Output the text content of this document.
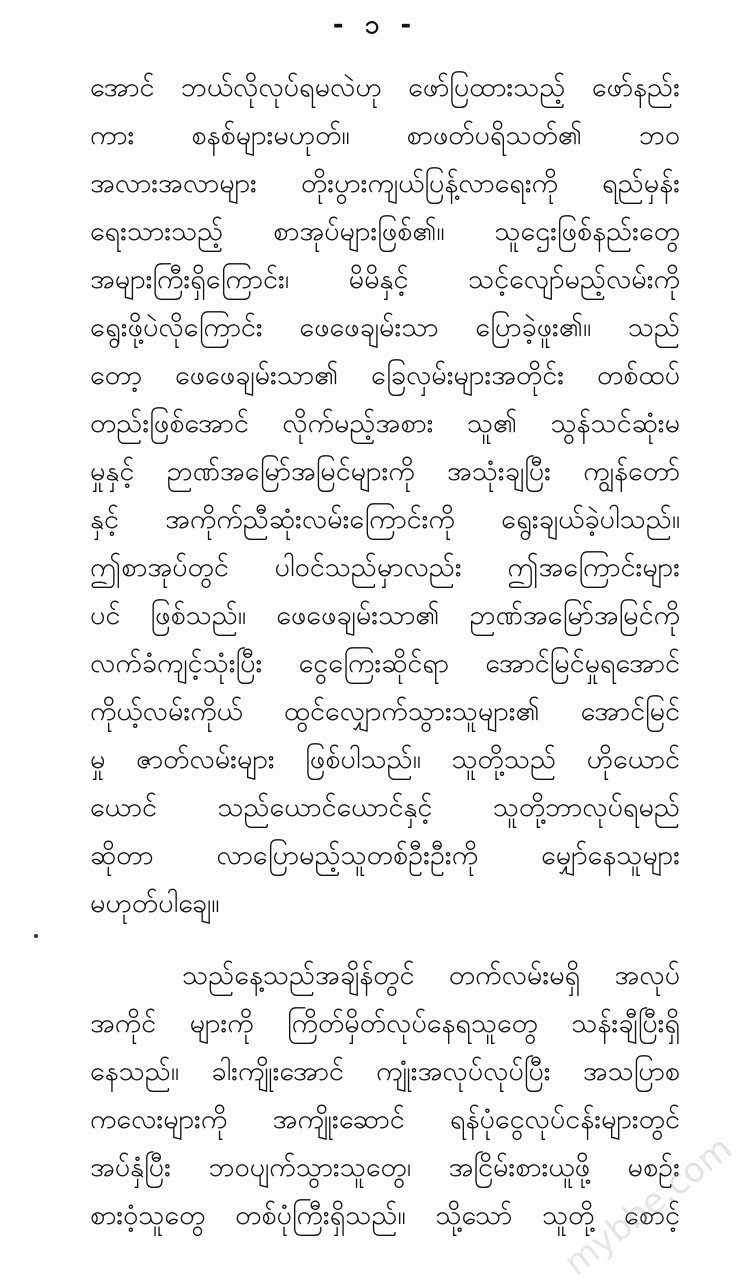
- ၁ -
အောင် ဘယ်လိုလုပ်ရမလဲဟု ဖော်ပြထားသည့် ဖော်နည်း
ကား စနစ်များမဟုတ်။ စာဖတ်ပရိသတ်၏ ဘဝ
အလားအလာများ တိုးပွားကျယ်ပြန့်လာရေးကို ရည်မှန်း
ရေးသားသည့် စာအုပ်များဖြစ်၏။ သူဌေးဖြစ်နည်းတွေ
အများကြီးရှိကြောင်း၊ မိမိနှင့် သင့်လျော်မည့်လမ်းကို
ရွေးဖို့ပဲလိုကြောင်း ဖေဖေချမ်းသာ ပြောခဲ့ဖူး၏။ သည်
တော့ ဖေဖေချမ်းသာ၏ ခြေလှမ်းများအတိုင်း တစ်ထပ်
တည်းဖြစ်အောင် လိုက်မည့်အစား သူ၏ သွန်သင်ဆုံးမ
မှုနှင့် ဉာဏ်အမြော်အမြင်များကို အသုံးချပြီး ကျွန်တော်
နှင့် အကိုက်ညီဆုံးလမ်းကြောင်းကို ရွေးချယ်ခဲ့ပါသည်။
ဤစာအုပ်တွင် ပါဝင်သည်မှာလည်း ဤအကြောင်းများ
ပင် ဖြစ်သည်။ ဖေဖေချမ်းသာ၏ ဉာဏ်အမြော်အမြင်ကို
လက်ခံကျင့်သုံးပြီး ငွေကြေးဆိုင်ရာ အောင်မြင်မှုရအောင်
ကိုယ့်လမ်းကိုယ် ထွင်လျှောက်သွားသူများ၏ အောင်မြင်
မှု ဇာတ်လမ်းများ ဖြစ်ပါသည်။ သူတို့သည် ဟိုယောင်
ယောင် သည်ယောင်ယောင်နှင့် သူတို့ဘာလုပ်ရမည်
ဆိုတာ လာပြောမည့်သူတစ်ဦးဦးကို မျှော်နေသူများ
မဟုတ်ပါချေ။
သည်နေ့သည်အချိန်တွင် တက်လမ်းမရှိ အလုပ်
အကိုင် များကို ကြိတ်မှိတ်လုပ်နေရသူတွေ သန်းချီပြီးရှိ
နေသည်။ ခါးကျိုးအောင် ကျုံးအလုပ်လုပ်ပြီး အသပြာစ
ကလေးများကို အကျိုးဆောင် ရန်ပုံငွေလုပ်ငန်းများတွင်
အပ်နှံပြီး ဘဝပျက်သွားသူတွေ၊ အငြိမ်းစားယူဖို့ မစဉ်း
စားဝံ့သူတွေ တစ်ပုံကြီးရှိသည်။ သို့သော် သူတို့ စောင့်
mybbe.com
